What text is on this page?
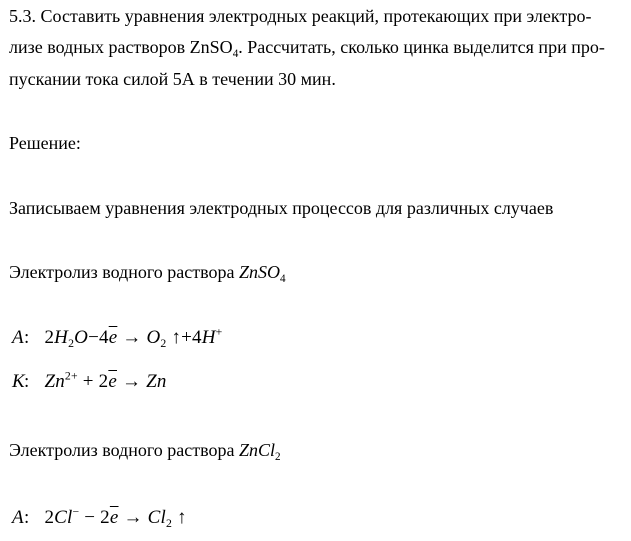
5.3. Составить уравнения электродных реакций, протекающих при электро-
лизе водных растворов ZnSO$_4$. Рассчитать, сколько цинка выделится при про-
пускании тока силой 5А в течении 30 мин.
Решение:
Записываем уравнения электродных процессов для различных случаев
Электролиз водного раствора ZnSO$_4$
A: $2H_2O-4\overline{e} \to O_2$ ↑+4H+
K: $Zn^{2+} + 2\overline{e} \to Zn$
Электролиз водного раствора ZnCl$_2$
A: $2Cl^- - 2\overline{e} \to Cl_2$ ↑
